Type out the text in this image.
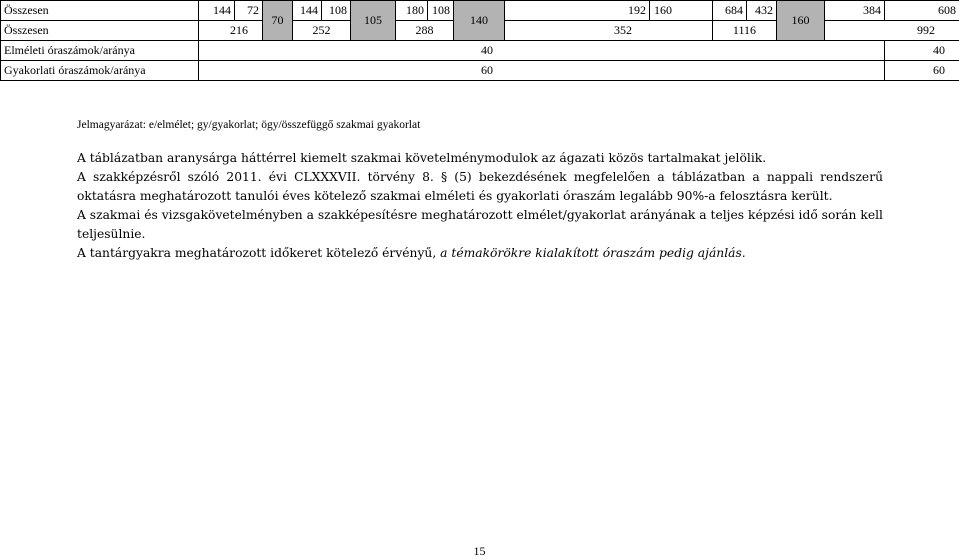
Összesen	144	72	70	144	108	105	180	108	140	192	160	684	432	160	384	608	
Összesen	216			252			288			352		1116			992		
Elméleti óraszámok/aránya	40															40	
Gyakorlati óraszámok/aránya	60															60	
Jelmagyarázat: e/elmélet; gy/gyakorlat; ögy/összefüggő szakmai gyakorlat

A táblázatban aranysárga háttérrel kiemelt szakmai követelménymodulok az ágazati közös tartalmakat jelölik.

A szakképzésről szóló 2011. évi CLXXXVII. törvény 8. § (5) bekezdésének megfelelően a táblázatban a nappali rendszerű oktatásra meghatározott tanulói éves kötelező szakmai elméleti és gyakorlati óraszám legalább 90%-a felosztásra került.

A szakmai és vizsgakövetelményben a szakképesítésre meghatározott elmélet/gyakorlat arányának a teljes képzési idő során kell teljesülnie.

A tantárgyakra meghatározott időkeret kötelező érvényű, a témakörökre kialakított óraszám pedig ajánlás.

15
